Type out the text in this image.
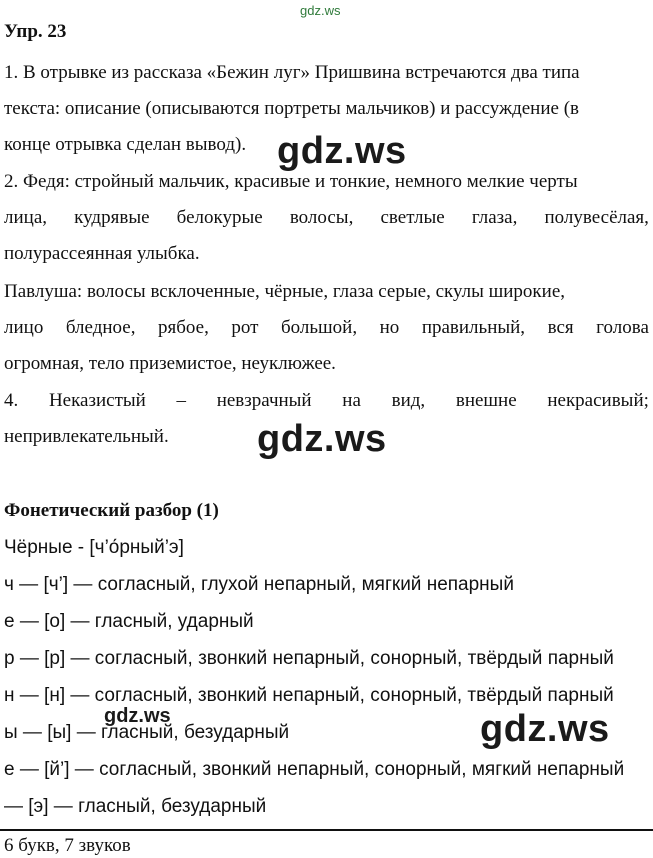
gdz.ws
Упр. 23
1. В отрывке из рассказа «Бежин луг» Пришвина встречаются два типа
текста: описание (описываются портреты мальчиков) и рассуждение (в
конце отрывка сделан вывод). gdz.ws
2. Федя: стройный мальчик, красивые и тонкие, немного мелкие черты
лица, кудрявые белокурые волосы, светлые глаза, полувесёлая,
полурассеянная улыбка.
Павлуша: волосы всклоченные, чёрные, глаза серые, скулы широкие,
лицо бледное, рябое, рот большой, но правильный, вся голова
огромная, тело приземистое, неуклюжее.
4. Неказистый – невзрачный на вид, внешне некрасивый;
непривлекательный. gdz.ws
Фонетический разбор (1)
Чёрные - [ч’о́рный’э]
ч — [ч’] — согласный, глухой непарный, мягкий непарный
е — [о] — гласный, ударный
р — [р] — согласный, звонкий непарный, сонорный, твёрдый парный
н — [н] — согласный, звонкий непарный, сонорный, твёрдый парный
ы — [ы] — гласный, безударный
е — [й’] — согласный, звонкий непарный, сонорный, мягкий непарный
— [э] — гласный, безударный
gdz.ws	gdz.ws
6 букв, 7 звуков
